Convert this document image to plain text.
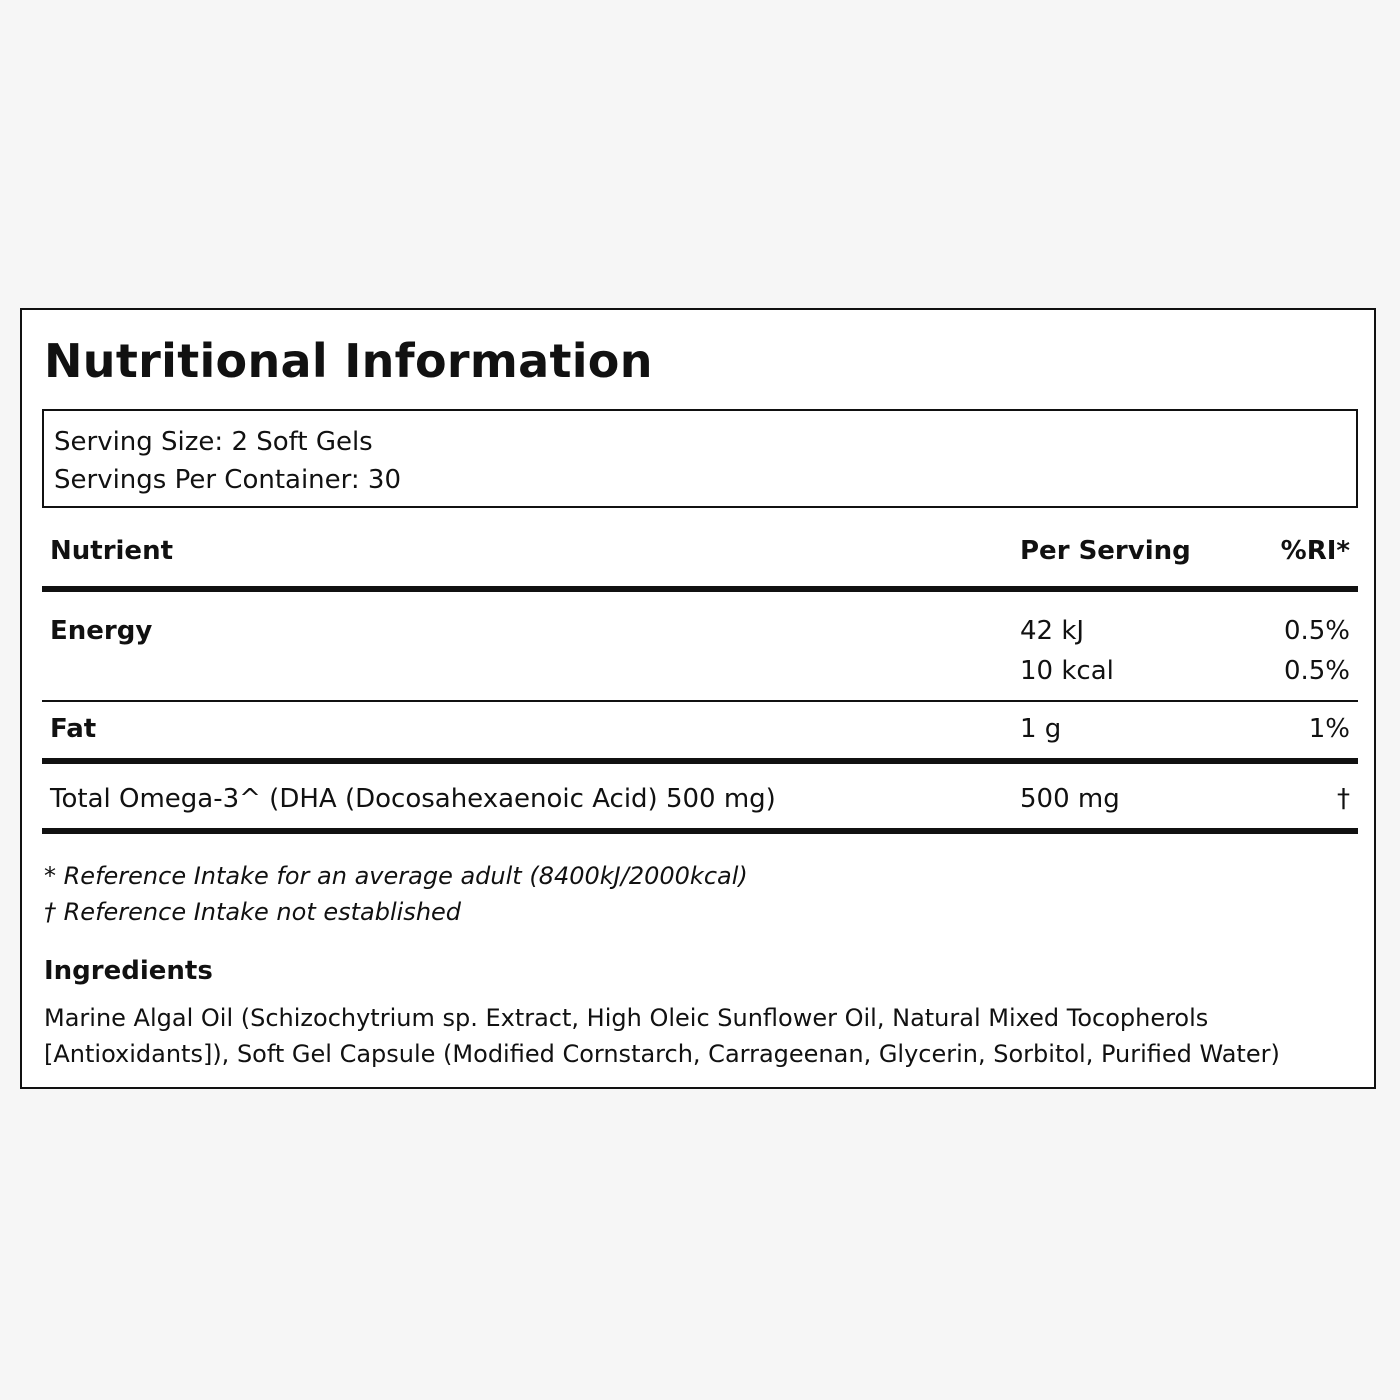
Nutritional Information
Serving Size: 2 Soft Gels
Servings Per Container: 30
Nutrient	Per Serving	%RI*
Energy	42 kJ	0.5%
10 kcal	0.5%
Fat	1 g	1%
Total Omega-3^ (DHA (Docosahexaenoic Acid) 500 mg)	500 mg	†
* Reference Intake for an average adult (8400kJ/2000kcal)
† Reference Intake not established
Ingredients

Marine Algal Oil (Schizochytrium sp. Extract, High Oleic Sunflower Oil, Natural Mixed Tocopherols [Antioxidants]), Soft Gel Capsule (Modified Cornstarch, Carrageenan, Glycerin, Sorbitol, Purified Water)
